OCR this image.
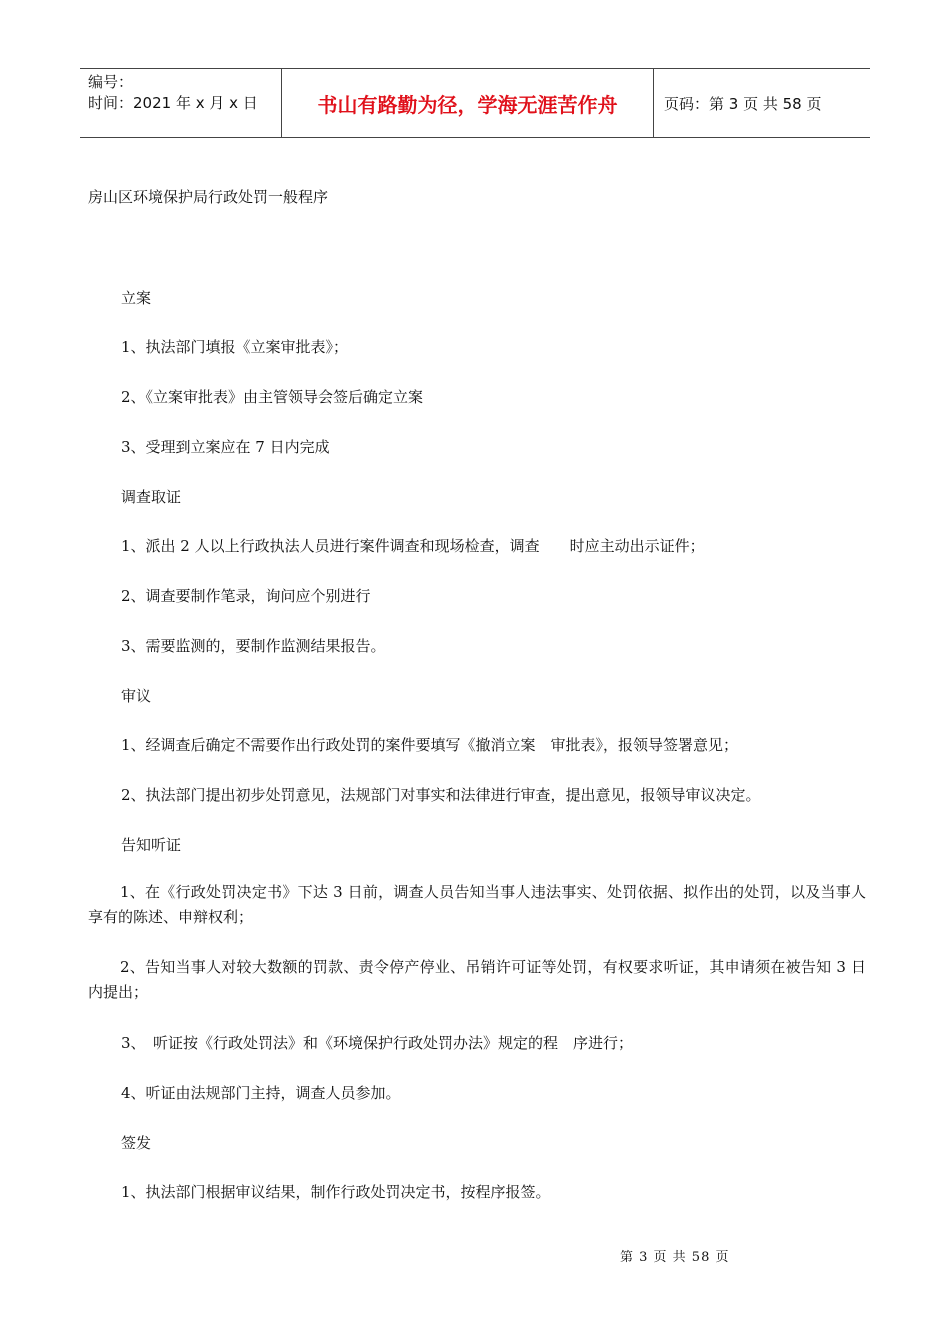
编号：
时间：2021 年 x 月 x 日	书山有路勤为径，学海无涯苦作舟	页码：第 3 页 共 58 页
房山区环境保护局行政处罚一般程序
立案
1、执法部门填报《立案审批表》；
2、《立案审批表》由主管领导会签后确定立案
3、受理到立案应在 7 日内完成
调查取证
1、派出 2 人以上行政执法人员进行案件调查和现场检查，调查　　时应主动出示证件；
2、调查要制作笔录，询问应个别进行
3、需要监测的，要制作监测结果报告。
审议
1、经调查后确定不需要作出行政处罚的案件要填写《撤消立案　审批表》，报领导签署意见；
2、执法部门提出初步处罚意见，法规部门对事实和法律进行审查，提出意见，报领导审议决定。
告知听证
1、在《行政处罚决定书》下达 3 日前，调查人员告知当事人违法事实、处罚依据、拟作出的处罚，以及当事人享有的陈述、申辩权利；
2、告知当事人对较大数额的罚款、责令停产停业、吊销许可证等处罚，有权要求听证，其申请须在被告知 3 日内提出；
3、　听证按《行政处罚法》和《环境保护行政处罚办法》规定的程　序进行；
4、听证由法规部门主持，调查人员参加。
签发
1、执法部门根据审议结果，制作行政处罚决定书，按程序报签。
第 3 页 共 58 页
